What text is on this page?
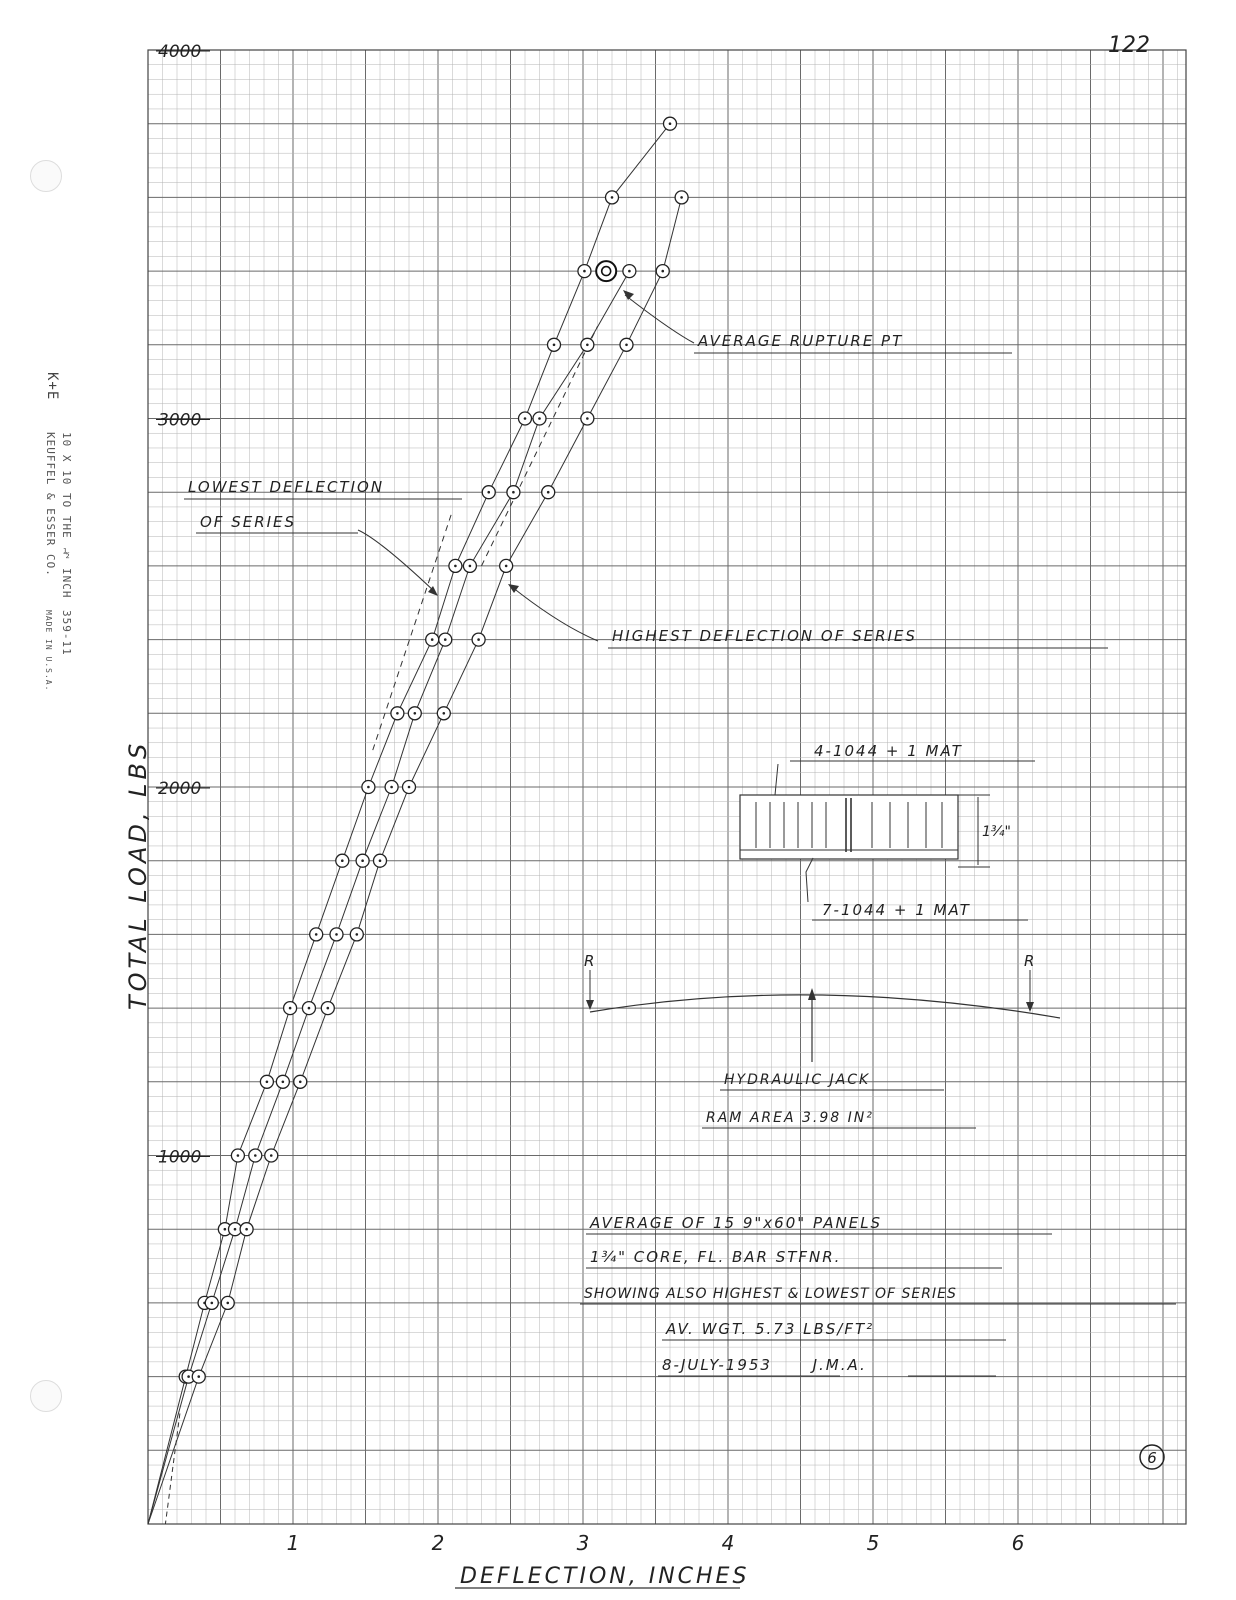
K+E
KEUFFEL & ESSER CO. 10 X 10 TO THE ½ INCH
359-11
MADE IN U.S.A.
1	2	3	4	5	6
1000
2000
3000
4000	122
DEFLECTION, INCHES
TOTAL LOAD, LBS
6
AVERAGE RUPTURE PT
LOWEST DEFLECTION
OF SERIES
HIGHEST DEFLECTION OF SERIES
4-1044 + 1 MAT
7-1044 + 1 MAT
1¾"
R	R
HYDRAULIC JACK
RAM AREA 3.98 IN²
AVERAGE OF 15 9"x60" PANELS
1¾" CORE, FL. BAR STFNR.
SHOWING ALSO HIGHEST & LOWEST OF SERIES
AV. WGT. 5.73 LBS/FT²
8-JULY-1953      J.M.A.
